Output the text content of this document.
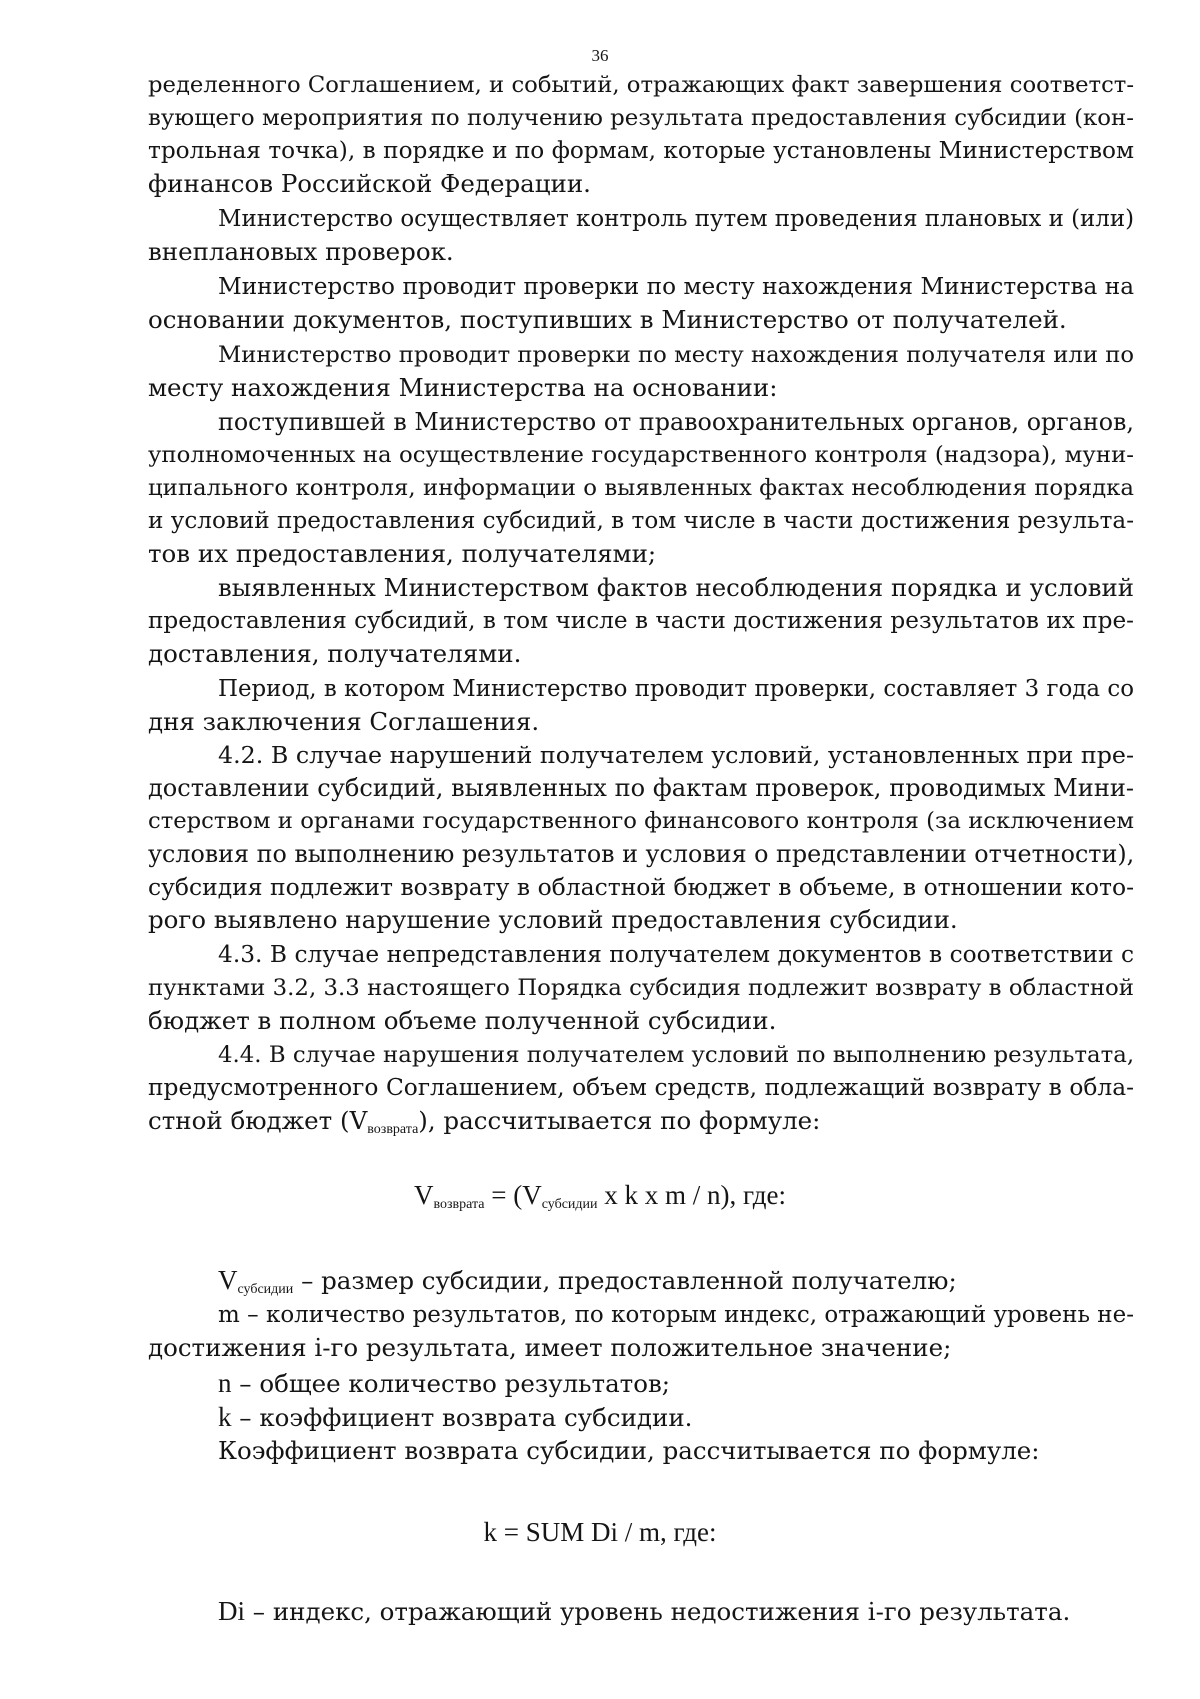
36
ределенного Соглашением, и событий, отражающих факт завершения соответст-
вующего мероприятия по получению результата предоставления субсидии (кон-
трольная точка), в порядке и по формам, которые установлены Министерством
финансов Российской Федерации.
Министерство осуществляет контроль путем проведения плановых и (или)
внеплановых проверок.
Министерство проводит проверки по месту нахождения Министерства на
основании документов, поступивших в Министерство от получателей.
Министерство проводит проверки по месту нахождения получателя или по
месту нахождения Министерства на основании:
поступившей в Министерство от правоохранительных органов, органов,
уполномоченных на осуществление государственного контроля (надзора), муни-
ципального контроля, информации о выявленных фактах несоблюдения порядка
и условий предоставления субсидий, в том числе в части достижения результа-
тов их предоставления, получателями;
выявленных Министерством фактов несоблюдения порядка и условий
предоставления субсидий, в том числе в части достижения результатов их пре-
доставления, получателями.
Период, в котором Министерство проводит проверки, составляет 3 года со
дня заключения Соглашения.
4.2. В случае нарушений получателем условий, установленных при пре-
доставлении субсидий, выявленных по фактам проверок, проводимых Мини-
стерством и органами государственного финансового контроля (за исключением
условия по выполнению результатов и условия о представлении отчетности),
субсидия подлежит возврату в областной бюджет в объеме, в отношении кото-
рого выявлено нарушение условий предоставления субсидии.
4.3. В случае непредставления получателем документов в соответствии с
пунктами 3.2, 3.3 настоящего Порядка субсидия подлежит возврату в областной
бюджет в полном объеме полученной субсидии.
4.4. В случае нарушения получателем условий по выполнению результата,
предусмотренного Соглашением, объем средств, подлежащий возврату в обла-
стной бюджет $(V_{возврата})$, рассчитывается по формуле:
$V_{возврата} = (V_{субсидии}$ x k x m / n), где:
$V_{субсидии}$ – размер субсидии, предоставленной получателю;
m – количество результатов, по которым индекс, отражающий уровень не-
достижения i-го результата, имеет положительное значение;
n – общее количество результатов;
k – коэффициент возврата субсидии.
Коэффициент возврата субсидии, рассчитывается по формуле:
k = SUM Di / m, где:
Di – индекс, отражающий уровень недостижения i-го результата.
